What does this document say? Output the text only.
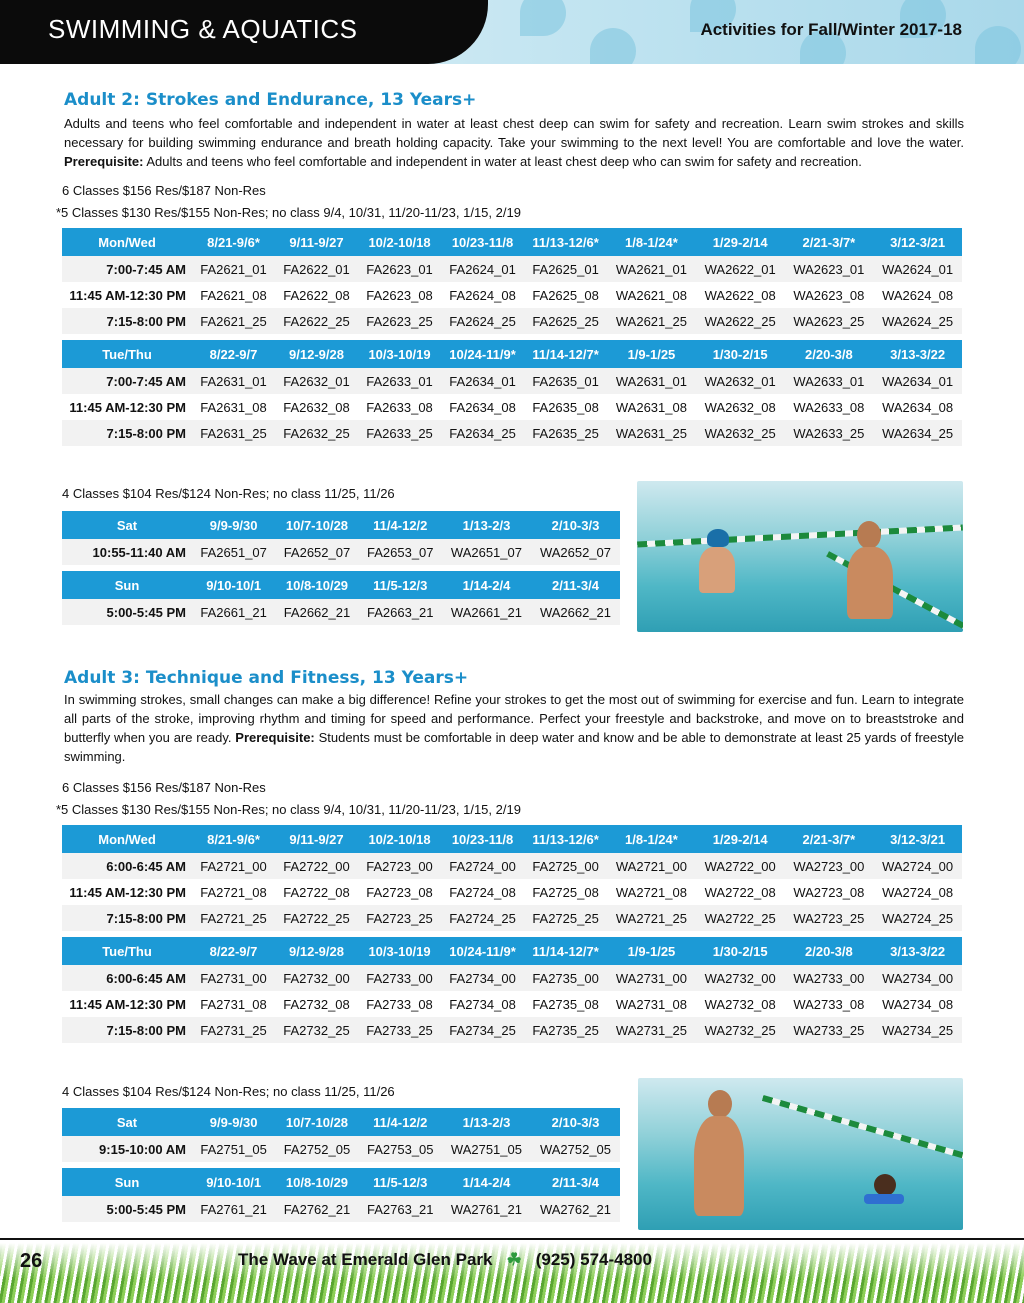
SWIMMING & AQUATICS	Activities for Fall/Winter 2017-18
Adult 2: Strokes and Endurance, 13 Years+
Adults and teens who feel comfortable and independent in water at least chest deep can swim for safety and recreation. Learn swim strokes and skills necessary for building swimming endurance and breath holding capacity. Take your swimming to the next level! You are comfortable and love the water. Prerequisite: Adults and teens who feel comfortable and independent in water at least chest deep who can swim for safety and recreation.
6 Classes $156 Res/$187 Non-Res
*5 Classes $130 Res/$155 Non-Res; no class 9/4, 10/31, 11/20-11/23, 1/15, 2/19
Mon/Wed	8/21-9/6*	9/11-9/27	10/2-10/18	10/23-11/8	11/13-12/6*	1/8-1/24*	1/29-2/14	2/21-3/7*	3/12-3/21
7:00-7:45 AM	FA2621_01	FA2622_01	FA2623_01	FA2624_01	FA2625_01	WA2621_01	WA2622_01	WA2623_01	WA2624_01
11:45 AM-12:30 PM	FA2621_08	FA2622_08	FA2623_08	FA2624_08	FA2625_08	WA2621_08	WA2622_08	WA2623_08	WA2624_08
7:15-8:00 PM	FA2621_25	FA2622_25	FA2623_25	FA2624_25	FA2625_25	WA2621_25	WA2622_25	WA2623_25	WA2624_25

Tue/Thu	8/22-9/7	9/12-9/28	10/3-10/19	10/24-11/9*	11/14-12/7*	1/9-1/25	1/30-2/15	2/20-3/8	3/13-3/22
7:00-7:45 AM	FA2631_01	FA2632_01	FA2633_01	FA2634_01	FA2635_01	WA2631_01	WA2632_01	WA2633_01	WA2634_01
11:45 AM-12:30 PM	FA2631_08	FA2632_08	FA2633_08	FA2634_08	FA2635_08	WA2631_08	WA2632_08	WA2633_08	WA2634_08
7:15-8:00 PM	FA2631_25	FA2632_25	FA2633_25	FA2634_25	FA2635_25	WA2631_25	WA2632_25	WA2633_25	WA2634_25
4 Classes $104 Res/$124 Non-Res; no class 11/25, 11/26
Sat	9/9-9/30	10/7-10/28	11/4-12/2	1/13-2/3	2/10-3/3
10:55-11:40 AM	FA2651_07	FA2652_07	FA2653_07	WA2651_07	WA2652_07

Sun	9/10-10/1	10/8-10/29	11/5-12/3	1/14-2/4	2/11-3/4
5:00-5:45 PM	FA2661_21	FA2662_21	FA2663_21	WA2661_21	WA2662_21
Adult 3: Technique and Fitness, 13 Years+
In swimming strokes, small changes can make a big difference! Refine your strokes to get the most out of swimming for exercise and fun. Learn to integrate all parts of the stroke, improving rhythm and timing for speed and performance. Perfect your freestyle and backstroke, and move on to breaststroke and butterfly when you are ready. Prerequisite: Students must be comfortable in deep water and know and be able to demonstrate at least 25 yards of freestyle swimming.
6 Classes $156 Res/$187 Non-Res
*5 Classes $130 Res/$155 Non-Res; no class 9/4, 10/31, 11/20-11/23, 1/15, 2/19
Mon/Wed	8/21-9/6*	9/11-9/27	10/2-10/18	10/23-11/8	11/13-12/6*	1/8-1/24*	1/29-2/14	2/21-3/7*	3/12-3/21
6:00-6:45 AM	FA2721_00	FA2722_00	FA2723_00	FA2724_00	FA2725_00	WA2721_00	WA2722_00	WA2723_00	WA2724_00
11:45 AM-12:30 PM	FA2721_08	FA2722_08	FA2723_08	FA2724_08	FA2725_08	WA2721_08	WA2722_08	WA2723_08	WA2724_08
7:15-8:00 PM	FA2721_25	FA2722_25	FA2723_25	FA2724_25	FA2725_25	WA2721_25	WA2722_25	WA2723_25	WA2724_25

Tue/Thu	8/22-9/7	9/12-9/28	10/3-10/19	10/24-11/9*	11/14-12/7*	1/9-1/25	1/30-2/15	2/20-3/8	3/13-3/22
6:00-6:45 AM	FA2731_00	FA2732_00	FA2733_00	FA2734_00	FA2735_00	WA2731_00	WA2732_00	WA2733_00	WA2734_00
11:45 AM-12:30 PM	FA2731_08	FA2732_08	FA2733_08	FA2734_08	FA2735_08	WA2731_08	WA2732_08	WA2733_08	WA2734_08
7:15-8:00 PM	FA2731_25	FA2732_25	FA2733_25	FA2734_25	FA2735_25	WA2731_25	WA2732_25	WA2733_25	WA2734_25
4 Classes $104 Res/$124 Non-Res; no class 11/25, 11/26
Sat	9/9-9/30	10/7-10/28	11/4-12/2	1/13-2/3	2/10-3/3
9:15-10:00 AM	FA2751_05	FA2752_05	FA2753_05	WA2751_05	WA2752_05

Sun	9/10-10/1	10/8-10/29	11/5-12/3	1/14-2/4	2/11-3/4
5:00-5:45 PM	FA2761_21	FA2762_21	FA2763_21	WA2761_21	WA2762_21
26	The Wave at Emerald Glen Park ☘ (925) 574-4800
